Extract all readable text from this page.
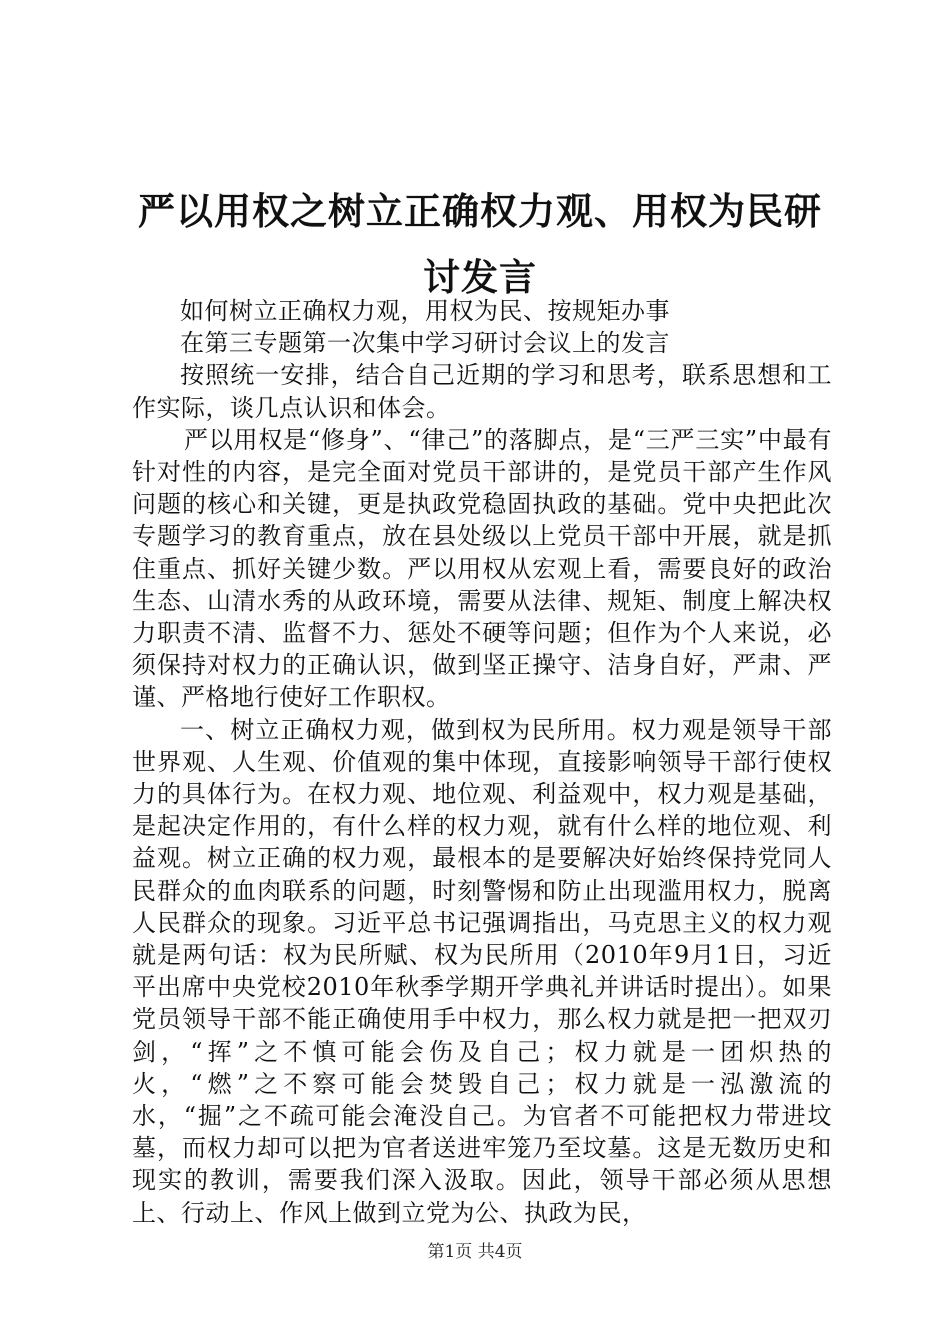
严以用权之树立正确权力观、用权为民研讨发言

如何树立正确权力观，用权为民、按规矩办事

在第三专题第一次集中学习研讨会议上的发言

按照统一安排，结合自己近期的学习和思考，联系思想和工作实际，谈几点认识和体会。

严以用权是“修身”、“律己”的落脚点，是“三严三实”中最有针对性的内容，是完全面对党员干部讲的，是党员干部产生作风问题的核心和关键，更是执政党稳固执政的基础。党中央把此次专题学习的教育重点，放在县处级以上党员干部中开展，就是抓住重点、抓好关键少数。严以用权从宏观上看，需要良好的政治生态、山清水秀的从政环境，需要从法律、规矩、制度上解决权力职责不清、监督不力、惩处不硬等问题；但作为个人来说，必须保持对权力的正确认识，做到坚正操守、洁身自好，严肃、严谨、严格地行使好工作职权。

一、树立正确权力观，做到权为民所用。权力观是领导干部世界观、人生观、价值观的集中体现，直接影响领导干部行使权力的具体行为。在权力观、地位观、利益观中，权力观是基础，是起决定作用的，有什么样的权力观，就有什么样的地位观、利益观。树立正确的权力观，最根本的是要解决好始终保持党同人民群众的血肉联系的问题，时刻警惕和防止出现滥用权力，脱离人民群众的现象。习近平总书记强调指出，马克思主义的权力观就是两句话：权为民所赋、权为民所用（2010年9月1日，习近平出席中央党校2010年秋季学期开学典礼并讲话时提出）。如果党员领导干部不能正确使用手中权力，那么权力就是把一把双刃剑，“挥”之不慎可能会伤及自己；权力就是一团炽热的火，“燃”之不察可能会焚毁自己；权力就是一泓激流的水，“掘”之不疏可能会淹没自己。为官者不可能把权力带进坟墓，而权力却可以把为官者送进牢笼乃至坟墓。这是无数历史和现实的教训，需要我们深入汲取。因此，领导干部必须从思想上、行动上、作风上做到立党为公、执政为民，

第1页 共4页
